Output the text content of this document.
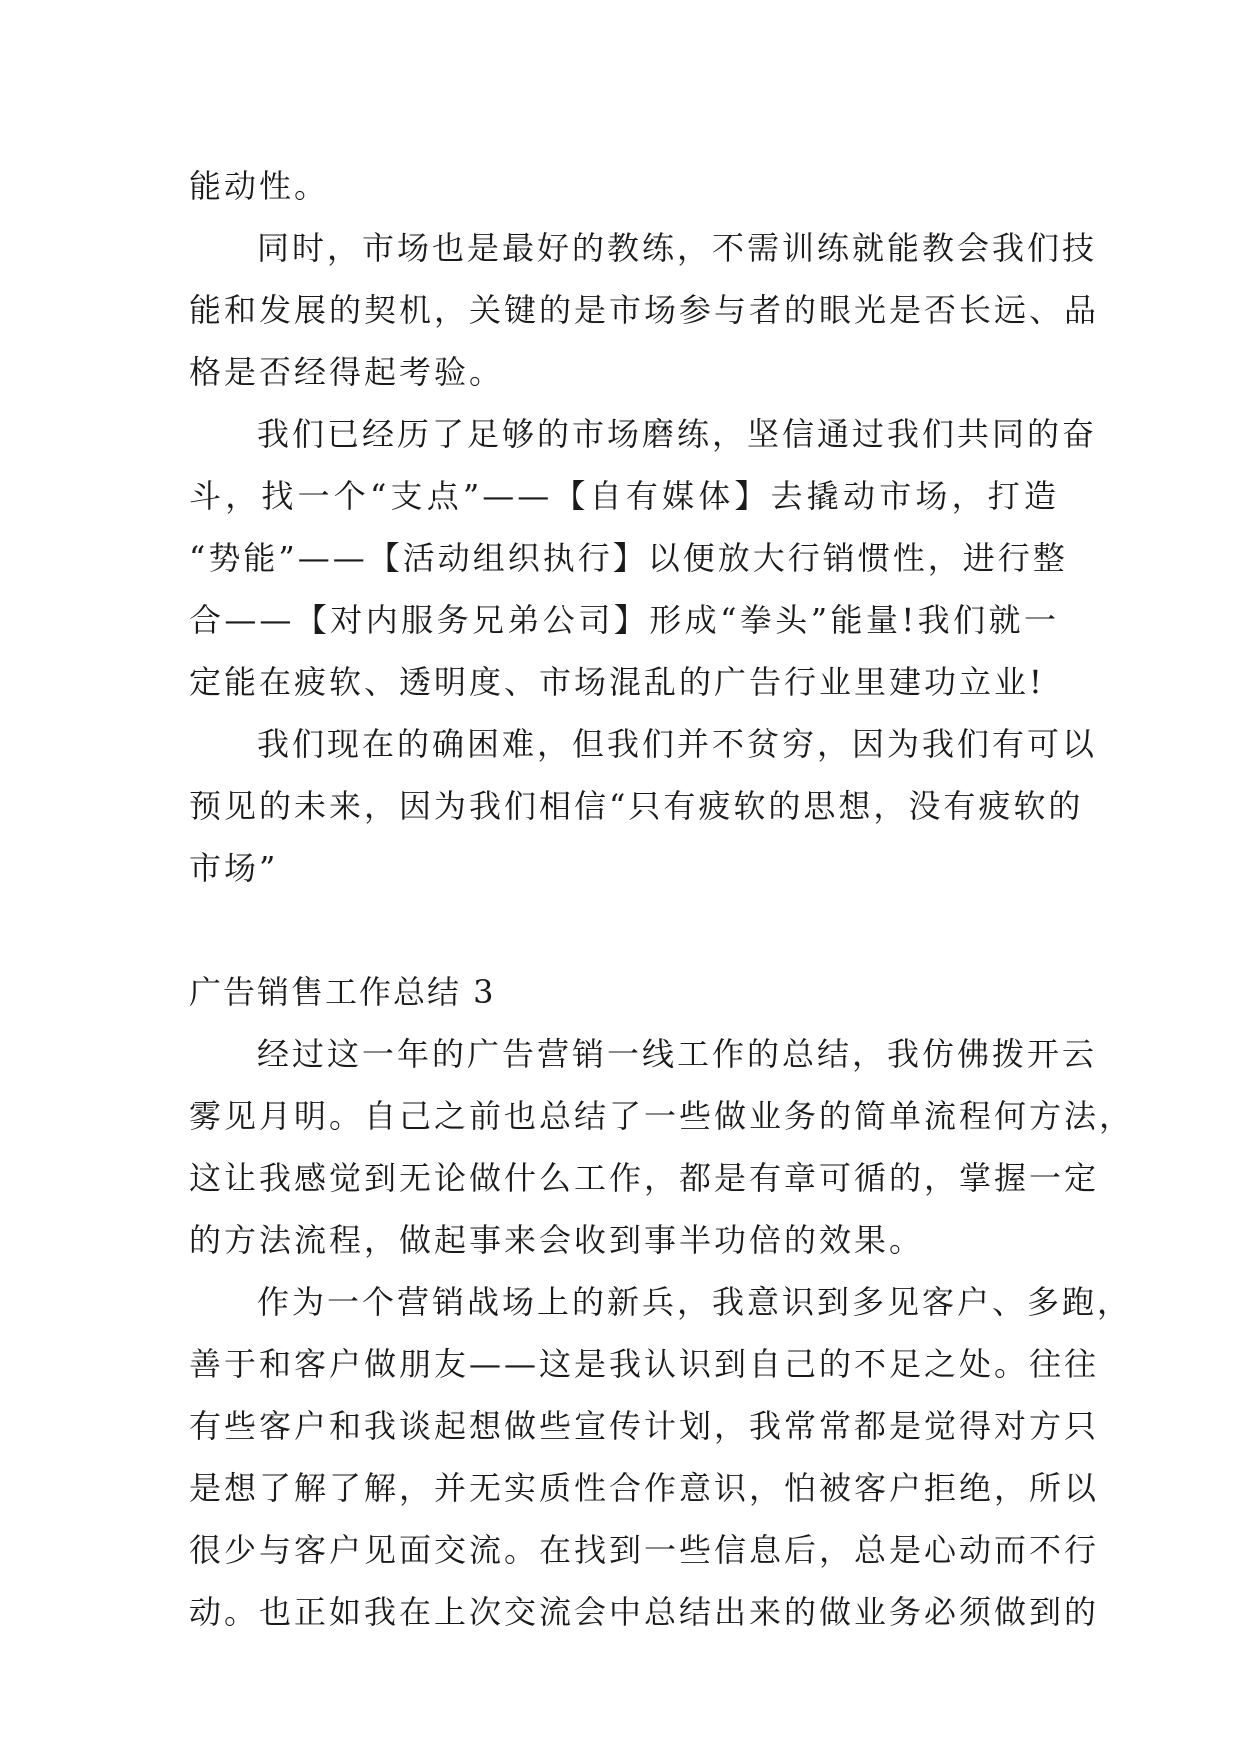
能动性。
同时，市场也是最好的教练，不需训练就能教会我们技
能和发展的契机，关键的是市场参与者的眼光是否长远、品
格是否经得起考验。
我们已经历了足够的市场磨练，坚信通过我们共同的奋
斗，找一个“支点”——【自有媒体】去撬动市场，打造
“势能”——【活动组织执行】以便放大行销惯性，进行整
合——【对内服务兄弟公司】形成“拳头”能量!我们就一
定能在疲软、透明度、市场混乱的广告行业里建功立业!
我们现在的确困难，但我们并不贫穷，因为我们有可以
预见的未来，因为我们相信“只有疲软的思想，没有疲软的
市场”
广告销售工作总结 3
经过这一年的广告营销一线工作的总结，我仿佛拨开云
雾见月明。自己之前也总结了一些做业务的简单流程何方法，
这让我感觉到无论做什么工作，都是有章可循的，掌握一定
的方法流程，做起事来会收到事半功倍的效果。
作为一个营销战场上的新兵，我意识到多见客户、多跑，
善于和客户做朋友——这是我认识到自己的不足之处。往往
有些客户和我谈起想做些宣传计划，我常常都是觉得对方只
是想了解了解，并无实质性合作意识，怕被客户拒绝，所以
很少与客户见面交流。在找到一些信息后，总是心动而不行
动。也正如我在上次交流会中总结出来的做业务必须做到的
